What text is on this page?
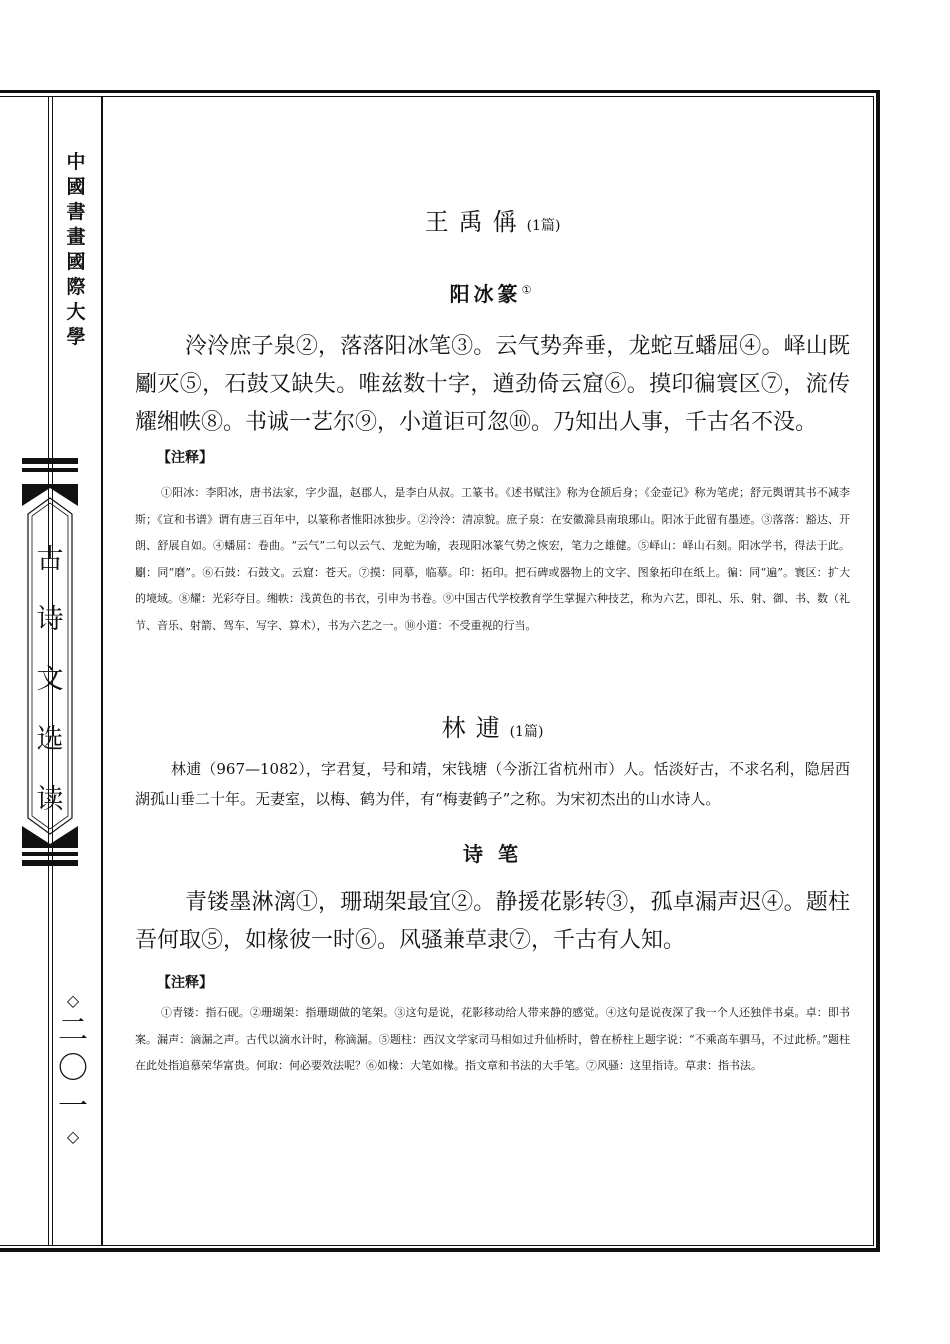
中
國
書
畫
國
際
大
學
古
诗
文
选
读
◇
二
〇
一
◇
王禹偁(1篇)
阳冰篆①
泠泠庶子泉②，落落阳冰笔③。云气势奔垂，龙蛇互蟠屈④。峄山既劚灭⑤，石鼓又缺失。唯兹数十字，遒劲倚云窟⑥。摸印徧寰区⑦，流传耀缃帙⑧。书诚一艺尔⑨，小道讵可忽⑩。乃知出人事，千古名不没。
【注释】
①阳冰：李阳冰，唐书法家，字少温，赵郡人，是李白从叔。工篆书。《述书赋注》称为仓颉后身；《金壶记》称为笔虎；舒元舆谓其书不减李斯；《宣和书谱》谓有唐三百年中，以篆称者惟阳冰独步。②泠泠：清凉貌。庶子泉：在安徽滁县南琅琊山。阳冰于此留有墨迹。③落落：豁达、开朗、舒展自如。④蟠屈：卷曲。“云气”二句以云气、龙蛇为喻，表现阳冰篆气势之恢宏，笔力之雄健。⑤峄山：峄山石刻。阳冰学书，得法于此。劚：同“磨”。⑥石鼓：石鼓文。云窟：苍天。⑦摸：同摹，临摹。印：拓印。把石碑或器物上的文字、图象拓印在纸上。徧：同“遍”。寰区：扩大的境域。⑧耀：光彩夺目。缃帙：浅黄色的书衣，引申为书卷。⑨中国古代学校教育学生掌握六种技艺，称为六艺，即礼、乐、射、御、书、数（礼节、音乐、射箭、驾车、写字、算术），书为六艺之一。⑩小道：不受重视的行当。
林逋(1篇)
林逋（967—1082），字君复，号和靖，宋钱塘（今浙江省杭州市）人。恬淡好古，不求名利，隐居西湖孤山垂二十年。无妻室，以梅、鹤为伴，有“梅妻鹤子”之称。为宋初杰出的山水诗人。
诗 笔
青镂墨淋漓①，珊瑚架最宜②。静援花影转③，孤卓漏声迟④。题柱吾何取⑤，如椽彼一时⑥。风骚兼草隶⑦，千古有人知。
【注释】
①青镂：指石砚。②珊瑚架：指珊瑚做的笔架。③这句是说，花影移动给人带来静的感觉。④这句是说夜深了我一个人还独伴书桌。卓：即书案。漏声：滴漏之声。古代以滴水计时，称滴漏。⑤题柱：西汉文学家司马相如过升仙桥时，曾在桥柱上题字说：“不乘高车驷马，不过此桥。”题柱在此处指追慕荣华富贵。何取：何必要效法呢？⑥如椽：大笔如椽。指文章和书法的大手笔。⑦风骚：这里指诗。草隶：指书法。
